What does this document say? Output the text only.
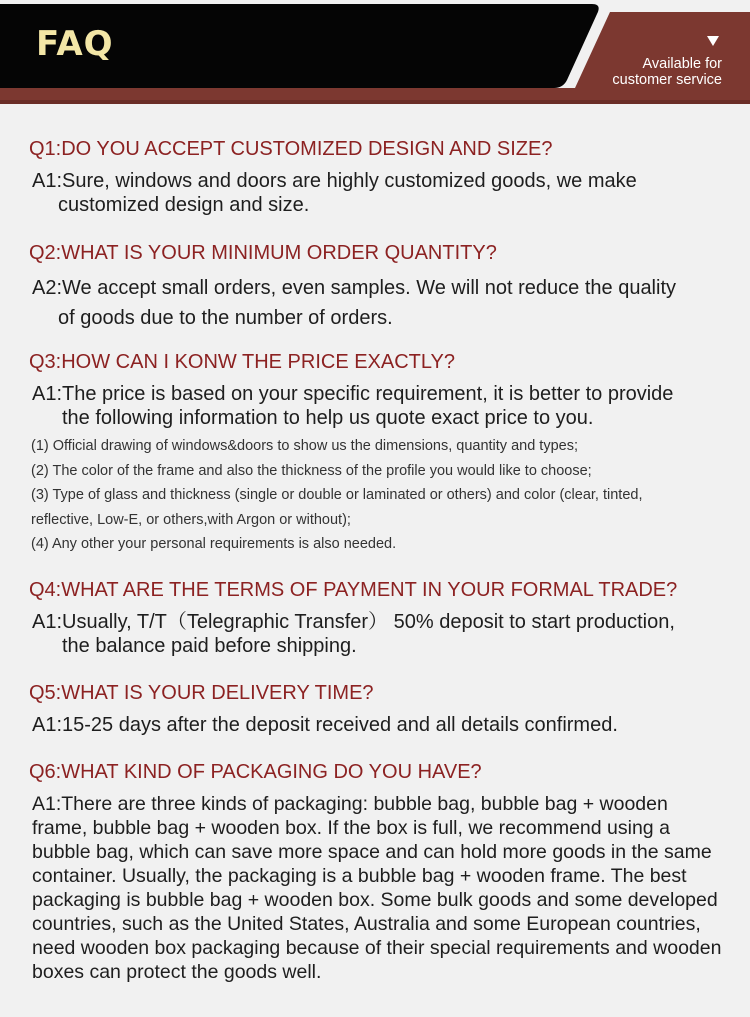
FAQ	Available for
customer service
Q1:DO YOU ACCEPT CUSTOMIZED DESIGN AND SIZE?
A1:Sure, windows and doors are highly customized goods, we make
customized design and size.
Q2:WHAT IS YOUR MINIMUM ORDER QUANTITY?
A2:We accept small orders, even samples. We will not reduce the quality
of goods due to the number of orders.
Q3:HOW CAN I KONW THE PRICE EXACTLY?
A1:The price is based on your specific requirement, it is better to provide
the following information to help us quote exact price to you.
(1) Official drawing of windows&doors to show us the dimensions, quantity and types;
(2) The color of the frame and also the thickness of the profile you would like to choose;
(3) Type of glass and thickness (single or double or laminated or others) and color (clear, tinted,
reflective, Low-E, or others,with Argon or without);
(4) Any other your personal requirements is also needed.
Q4:WHAT ARE THE TERMS OF PAYMENT IN YOUR FORMAL TRADE?
A1:Usually, T/T（Telegraphic Transfer） 50% deposit to start production,
the balance paid before shipping.
Q5:WHAT IS YOUR DELIVERY TIME?
A1:15-25 days after the deposit received and all details confirmed.
Q6:WHAT KIND OF PACKAGING DO YOU HAVE?
A1:There are three kinds of packaging: bubble bag, bubble bag + wooden frame, bubble bag + wooden box. If the box is full, we recommend using a bubble bag, which can save more space and can hold more goods in the same container. Usually, the packaging is a bubble bag + wooden frame. The best packaging is bubble bag + wooden box. Some bulk goods and some developed countries, such as the United States, Australia and some European countries, need wooden box packaging because of their special requirements and wooden boxes can protect the goods well.
